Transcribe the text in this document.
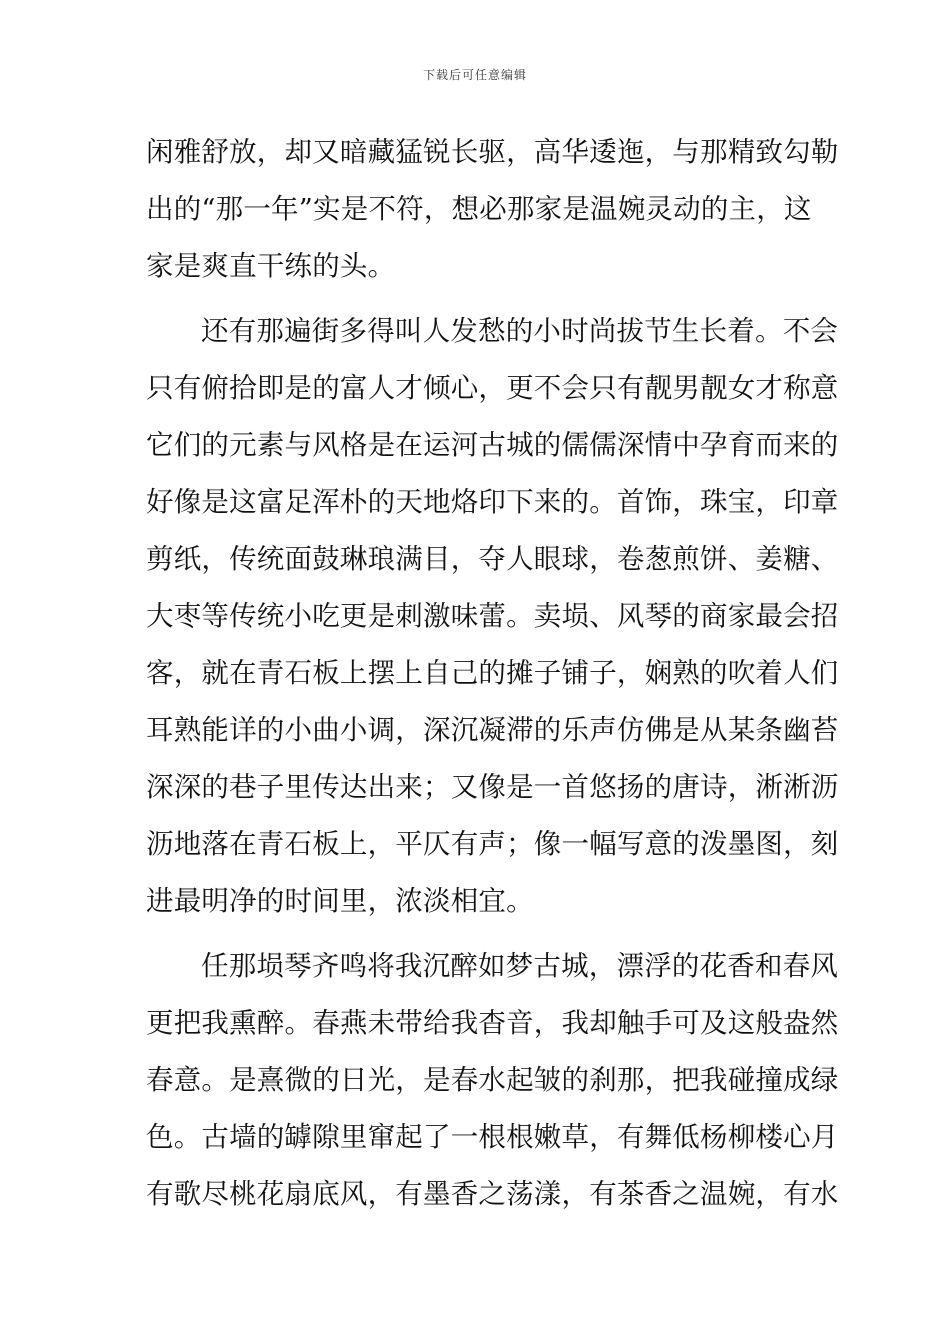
下载后可任意编辑
闲雅舒放，却又暗藏猛锐长驱，高华逶迤，与那精致勾勒
出的“那一年”实是不符，想必那家是温婉灵动的主，这
家是爽直干练的头。
还有那遍街多得叫人发愁的小时尚拔节生长着。不会
只有俯拾即是的富人才倾心，更不会只有靓男靓女才称意
它们的元素与风格是在运河古城的儒儒深情中孕育而来的
好像是这富足浑朴的天地烙印下来的。首饰，珠宝，印章
剪纸，传统面鼓琳琅满目，夺人眼球，卷葱煎饼、姜糖、
大枣等传统小吃更是刺激味蕾。卖埙、风琴的商家最会招
客，就在青石板上摆上自己的摊子铺子，娴熟的吹着人们
耳熟能详的小曲小调，深沉凝滞的乐声仿佛是从某条幽苔
深深的巷子里传达出来；又像是一首悠扬的唐诗，淅淅沥
沥地落在青石板上，平仄有声；像一幅写意的泼墨图，刻
进最明净的时间里，浓淡相宜。
任那埙琴齐鸣将我沉醉如梦古城，漂浮的花香和春风
更把我熏醉。春燕未带给我杳音，我却触手可及这般盎然
春意。是熹微的日光，是春水起皱的刹那，把我碰撞成绿
色。古墙的罅隙里窜起了一根根嫩草，有舞低杨柳楼心月
有歌尽桃花扇底风，有墨香之荡漾，有茶香之温婉，有水
